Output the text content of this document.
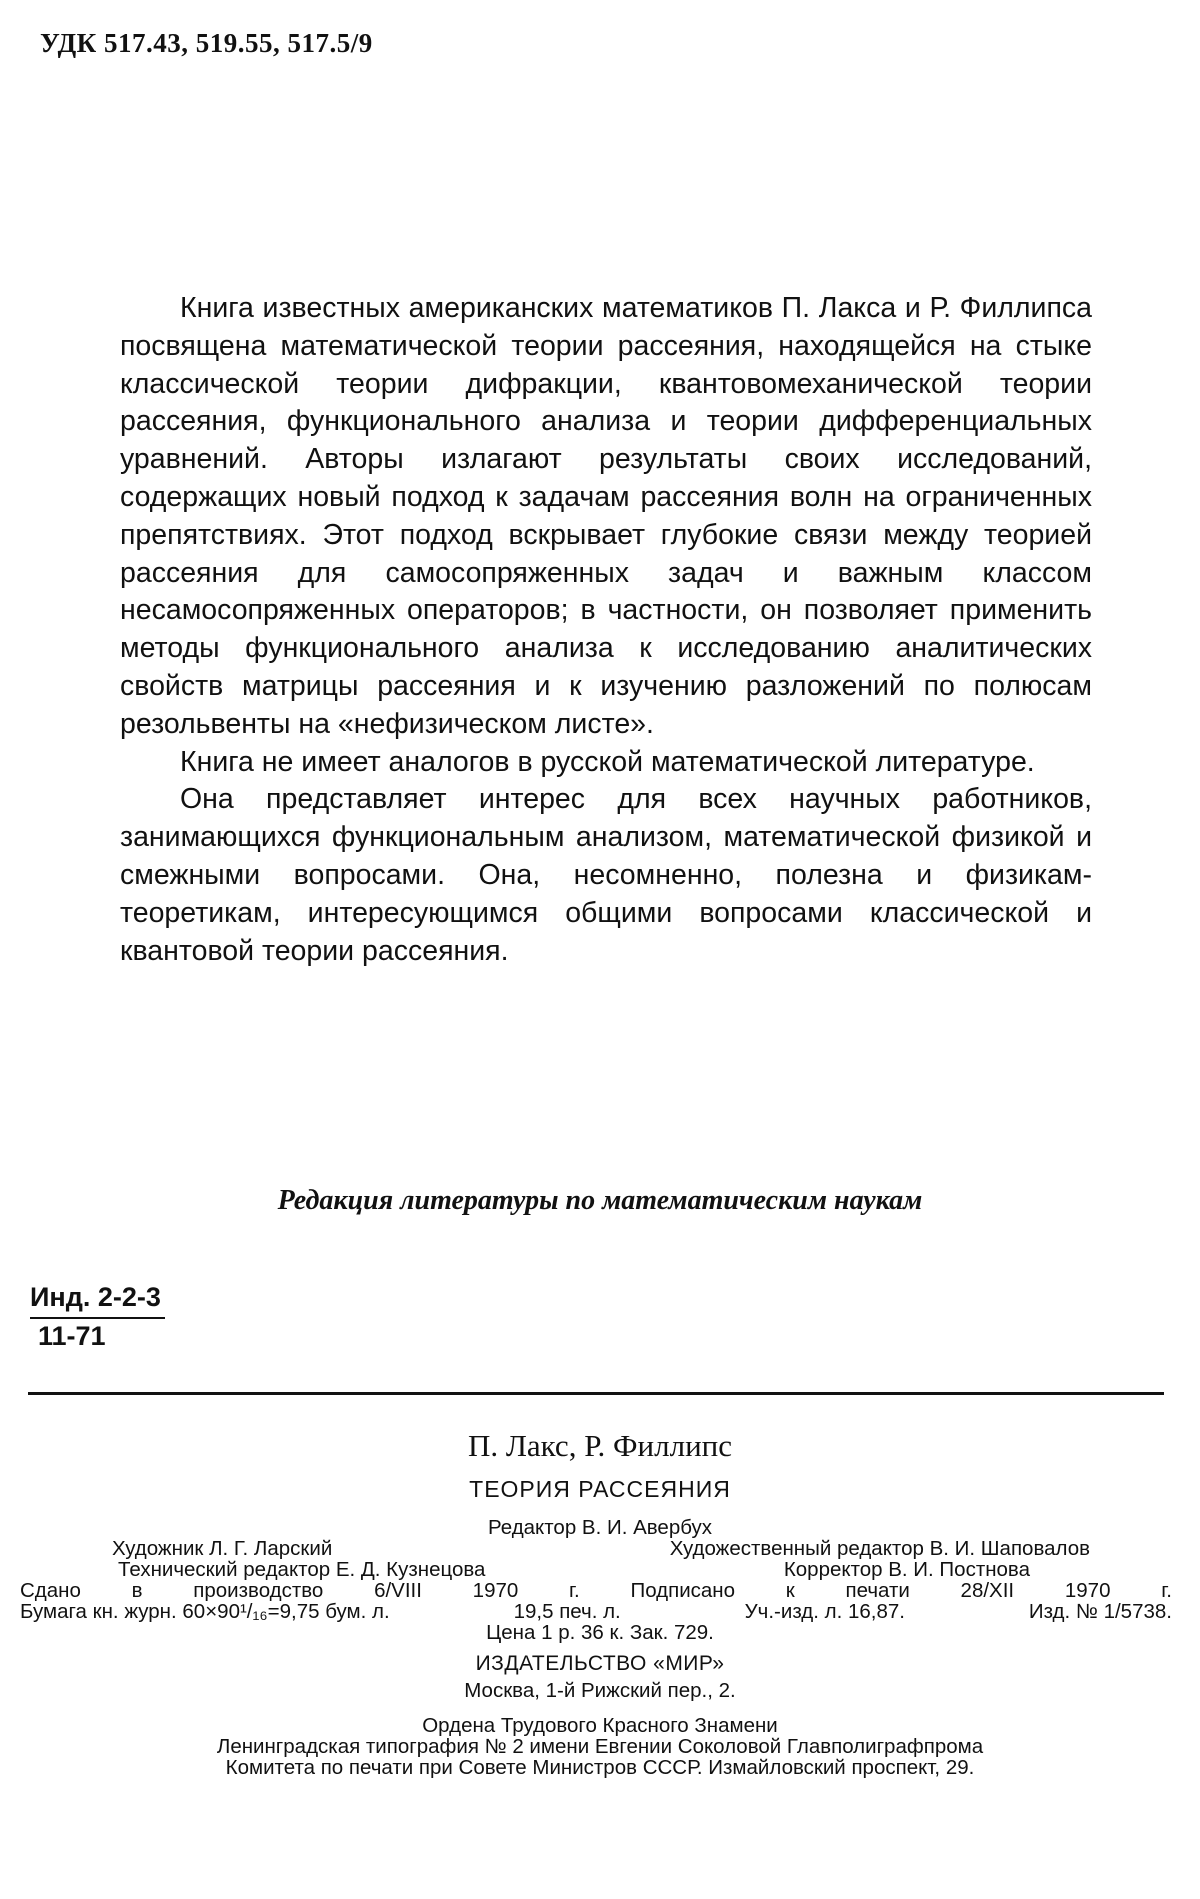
УДК 517.43, 519.55, 517.5/9

Книга известных американских математиков П. Лакса и Р. Филлипса посвящена математической теории рассеяния, находящейся на стыке классической теории дифракции, квантовомеханической теории рассеяния, функционального анализа и теории дифференциальных уравнений. Авторы излагают результаты своих исследований, содержащих новый подход к задачам рассеяния волн на ограниченных препятствиях. Этот подход вскрывает глубокие связи между теорией рассеяния для самосопряженных задач и важным классом несамосопряженных операторов; в частности, он позволяет применить методы функционального анализа к исследованию аналитических свойств матрицы рассеяния и к изучению разложений по полюсам резольвенты на «нефизическом листе».

Книга не имеет аналогов в русской математической литературе.

Она представляет интерес для всех научных работников, занимающихся функциональным анализом, математической физикой и смежными вопросами. Она, несомненно, полезна и физикам-теоретикам, интересующимся общими вопросами классической и квантовой теории рассеяния.

Редакция литературы по математическим наукам
Инд. 2-2-3
11-71
П. Лакс, Р. Филлипс
ТЕОРИЯ РАССЕЯНИЯ
Редактор В. И. Авербух
Художник Л. Г. Ларский	Художественный редактор В. И. Шаповалов
Технический редактор Е. Д. Кузнецова	Корректор В. И. Постнова
Сдано в производство 6/VIII 1970 г. Подписано к печати 28/XII 1970 г.
Бумага кн. журн. 60×90¹/₁₆=9,75 бум. л.	19,5 печ. л.	Уч.-изд. л. 16,87.	Изд. № 1/5738.
Цена 1 р. 36 к. Зак. 729.
ИЗДАТЕЛЬСТВО «МИР»
Москва, 1-й Рижский пер., 2.
Ордена Трудового Красного Знамени
Ленинградская типография № 2 имени Евгении Соколовой Главполиграфпрома
Комитета по печати при Совете Министров СССР. Измайловский проспект, 29.
